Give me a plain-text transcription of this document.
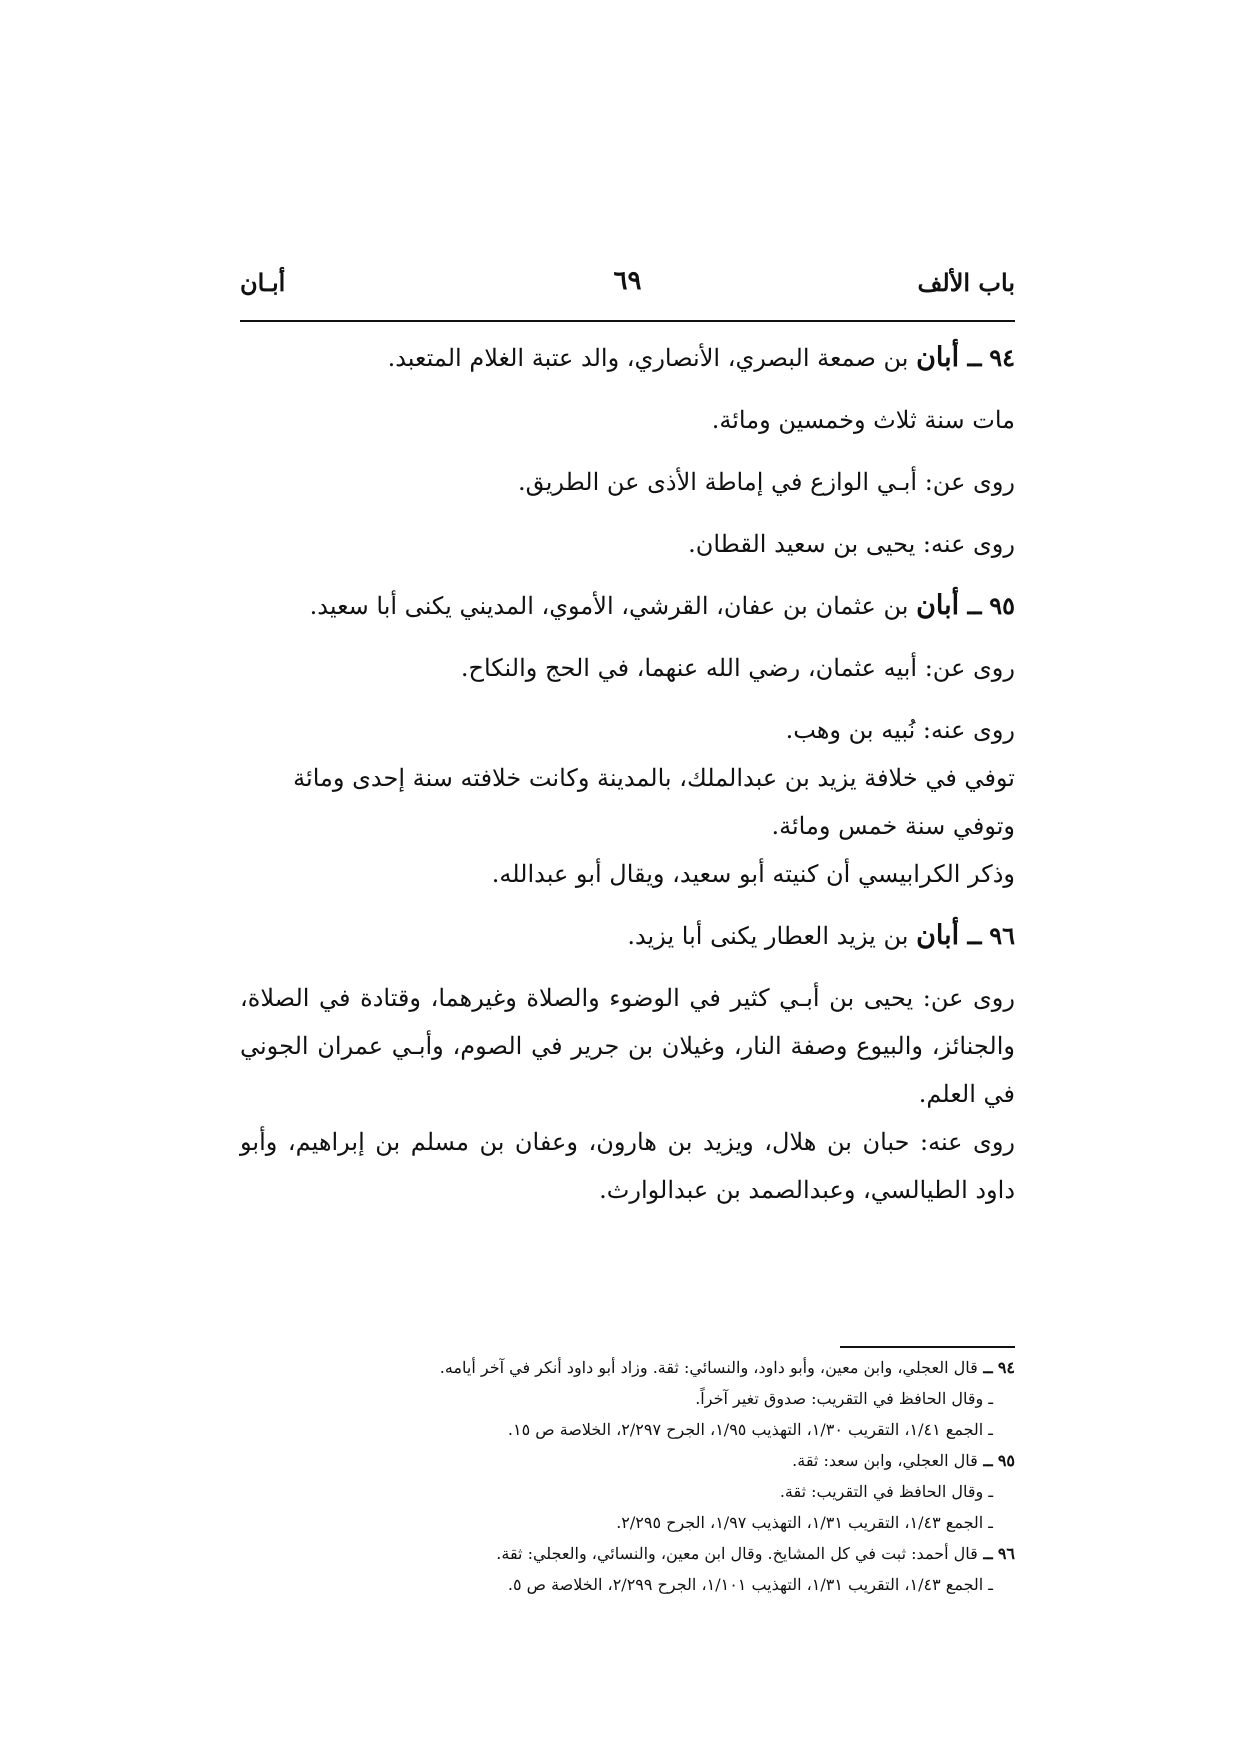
باب الألف
٦٩
أبـان

٩٤ ــ أبان بن صمعة البصري، الأنصاري، والد عتبة الغلام المتعبد.

مات سنة ثلاث وخمسين ومائة.

روى عن: أبـي الوازع في إماطة الأذى عن الطريق.

روى عنه: يحيى بن سعيد القطان.

٩٥ ــ أبان بن عثمان بن عفان، القرشي، الأموي، المديني يكنى أبا سعيد.

روى عن: أبيه عثمان، رضي الله عنهما، في الحج والنكاح.

روى عنه: نُبيه بن وهب.

توفي في خلافة يزيد بن عبدالملك، بالمدينة وكانت خلافته سنة إحدى ومائة وتوفي سنة خمس ومائة.

وذكر الكرابيسي أن كنيته أبو سعيد، ويقال أبو عبدالله.

٩٦ ــ أبان بن يزيد العطار يكنى أبا يزيد.

روى عن: يحيى بن أبـي كثير في الوضوء والصلاة وغيرهما، وقتادة في الصلاة، والجنائز، والبيوع وصفة النار، وغيلان بن جرير في الصوم، وأبـي عمران الجوني في العلم.

روى عنه: حبان بن هلال، ويزيد بن هارون، وعفان بن مسلم بن إبراهيم، وأبو داود الطيالسي، وعبدالصمد بن عبدالوارث.

٩٤ ــ قال العجلي، وابن معين، وأبو داود، والنسائي: ثقة. وزاد أبو داود أنكر في آخر أيامه.

ـ وقال الحافظ في التقريب: صدوق تغير آخراً.

ـ الجمع ١/٤١، التقريب ١/٣٠، التهذيب ١/٩٥، الجرح ٢/٢٩٧، الخلاصة ص ١٥.

٩٥ ــ قال العجلي، وابن سعد: ثقة.

ـ وقال الحافظ في التقريب: ثقة.

ـ الجمع ١/٤٣، التقريب ١/٣١، التهذيب ١/٩٧، الجرح ٢/٢٩٥.

٩٦ ــ قال أحمد: ثبت في كل المشايخ. وقال ابن معين، والنسائي، والعجلي: ثقة.

ـ الجمع ١/٤٣، التقريب ١/٣١، التهذيب ١/١٠١، الجرح ٢/٢٩٩، الخلاصة ص ٥.
